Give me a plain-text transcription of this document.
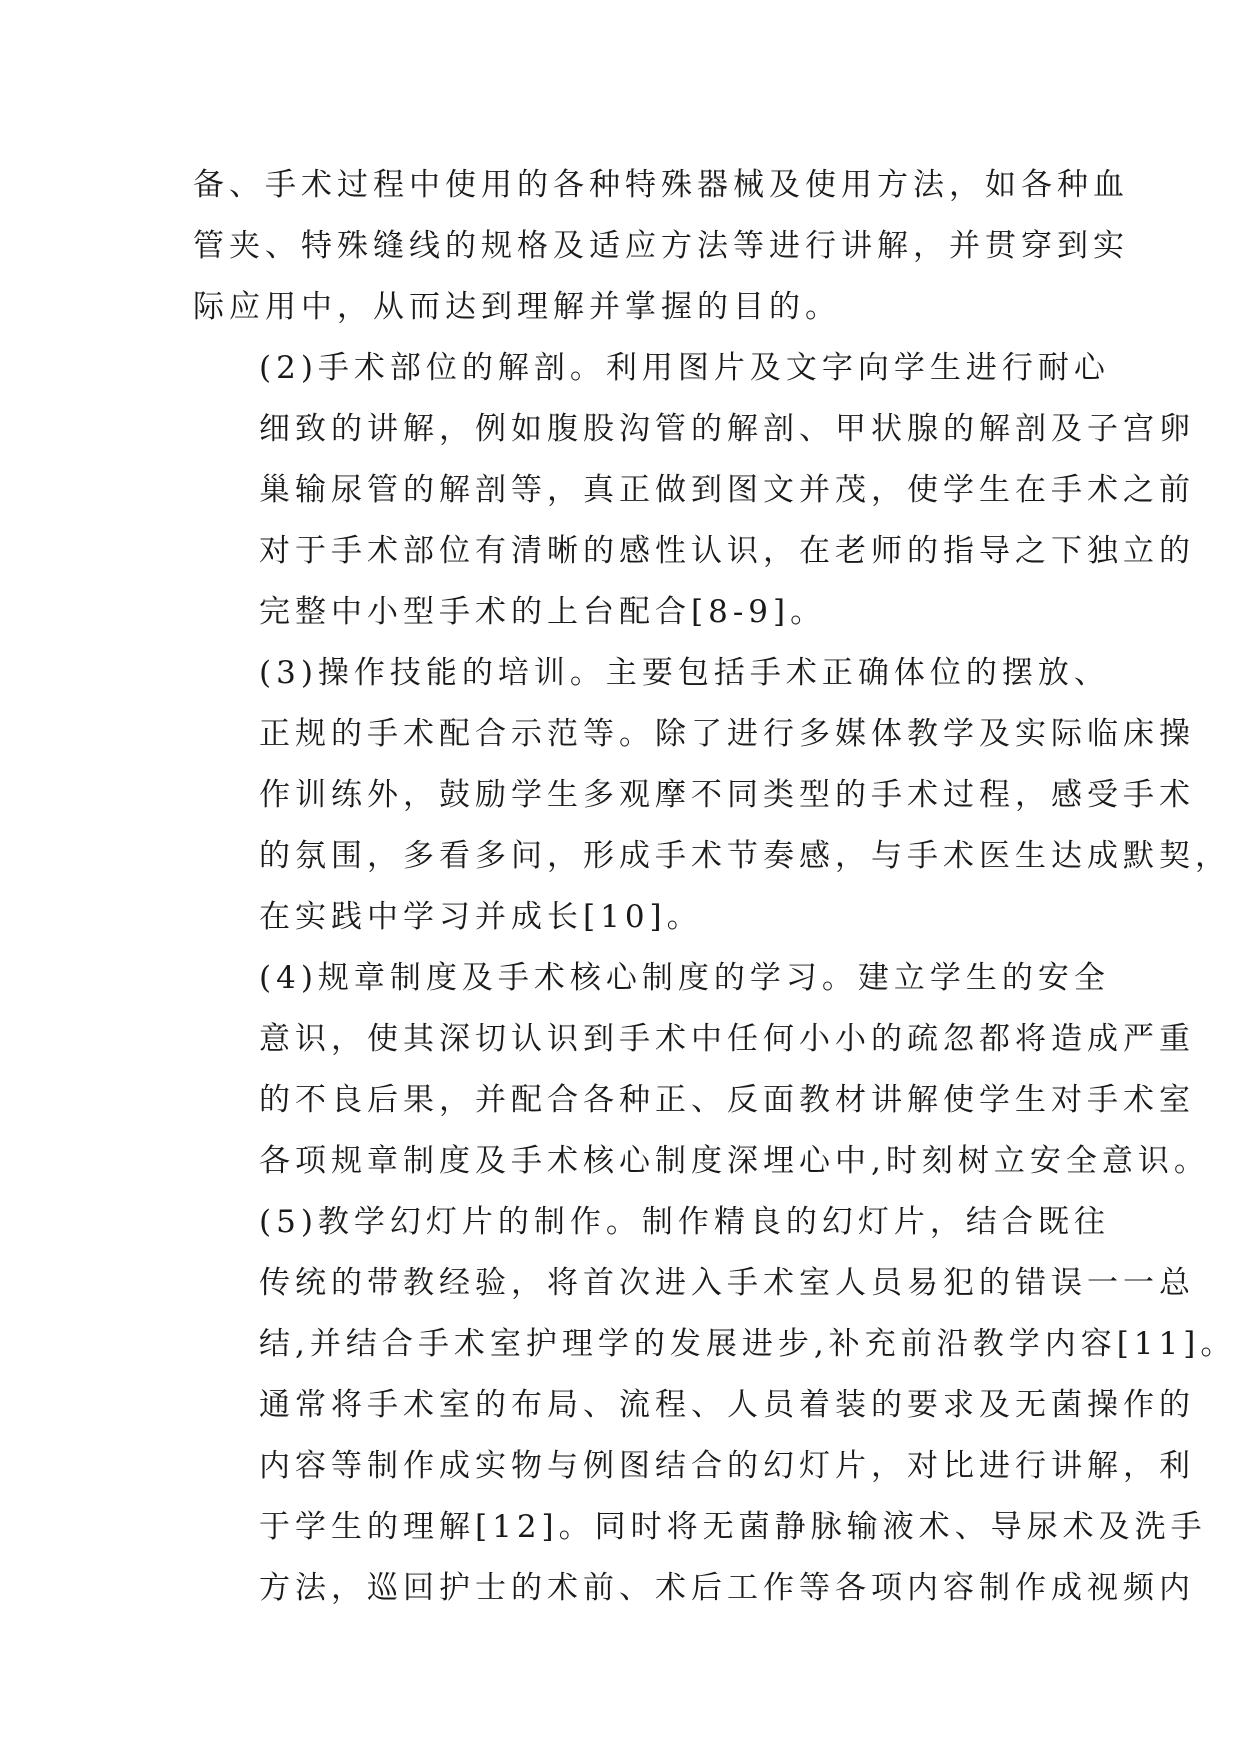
备、手术过程中使用的各种特殊器械及使用方法，如各种血
管夹、特殊缝线的规格及适应方法等进行讲解，并贯穿到实
际应用中，从而达到理解并掌握的目的。

(2)手术部位的解剖。利用图片及文字向学生进行耐心
细致的讲解，例如腹股沟管的解剖、甲状腺的解剖及子宫卵
巢输尿管的解剖等，真正做到图文并茂，使学生在手术之前
对于手术部位有清晰的感性认识，在老师的指导之下独立的
完整中小型手术的上台配合[8-9]。

(3)操作技能的培训。主要包括手术正确体位的摆放、
正规的手术配合示范等。除了进行多媒体教学及实际临床操
作训练外，鼓励学生多观摩不同类型的手术过程，感受手术
的氛围，多看多问，形成手术节奏感，与手术医生达成默契，
在实践中学习并成长[10]。

(4)规章制度及手术核心制度的学习。建立学生的安全
意识，使其深切认识到手术中任何小小的疏忽都将造成严重
的不良后果，并配合各种正、反面教材讲解使学生对手术室
各项规章制度及手术核心制度深埋心中,时刻树立安全意识。

(5)教学幻灯片的制作。制作精良的幻灯片，结合既往
传统的带教经验，将首次进入手术室人员易犯的错误一一总
结,并结合手术室护理学的发展进步,补充前沿教学内容[11]。
通常将手术室的布局、流程、人员着装的要求及无菌操作的
内容等制作成实物与例图结合的幻灯片，对比进行讲解，利
于学生的理解[12]。同时将无菌静脉输液术、导尿术及洗手
方法，巡回护士的术前、术后工作等各项内容制作成视频内
